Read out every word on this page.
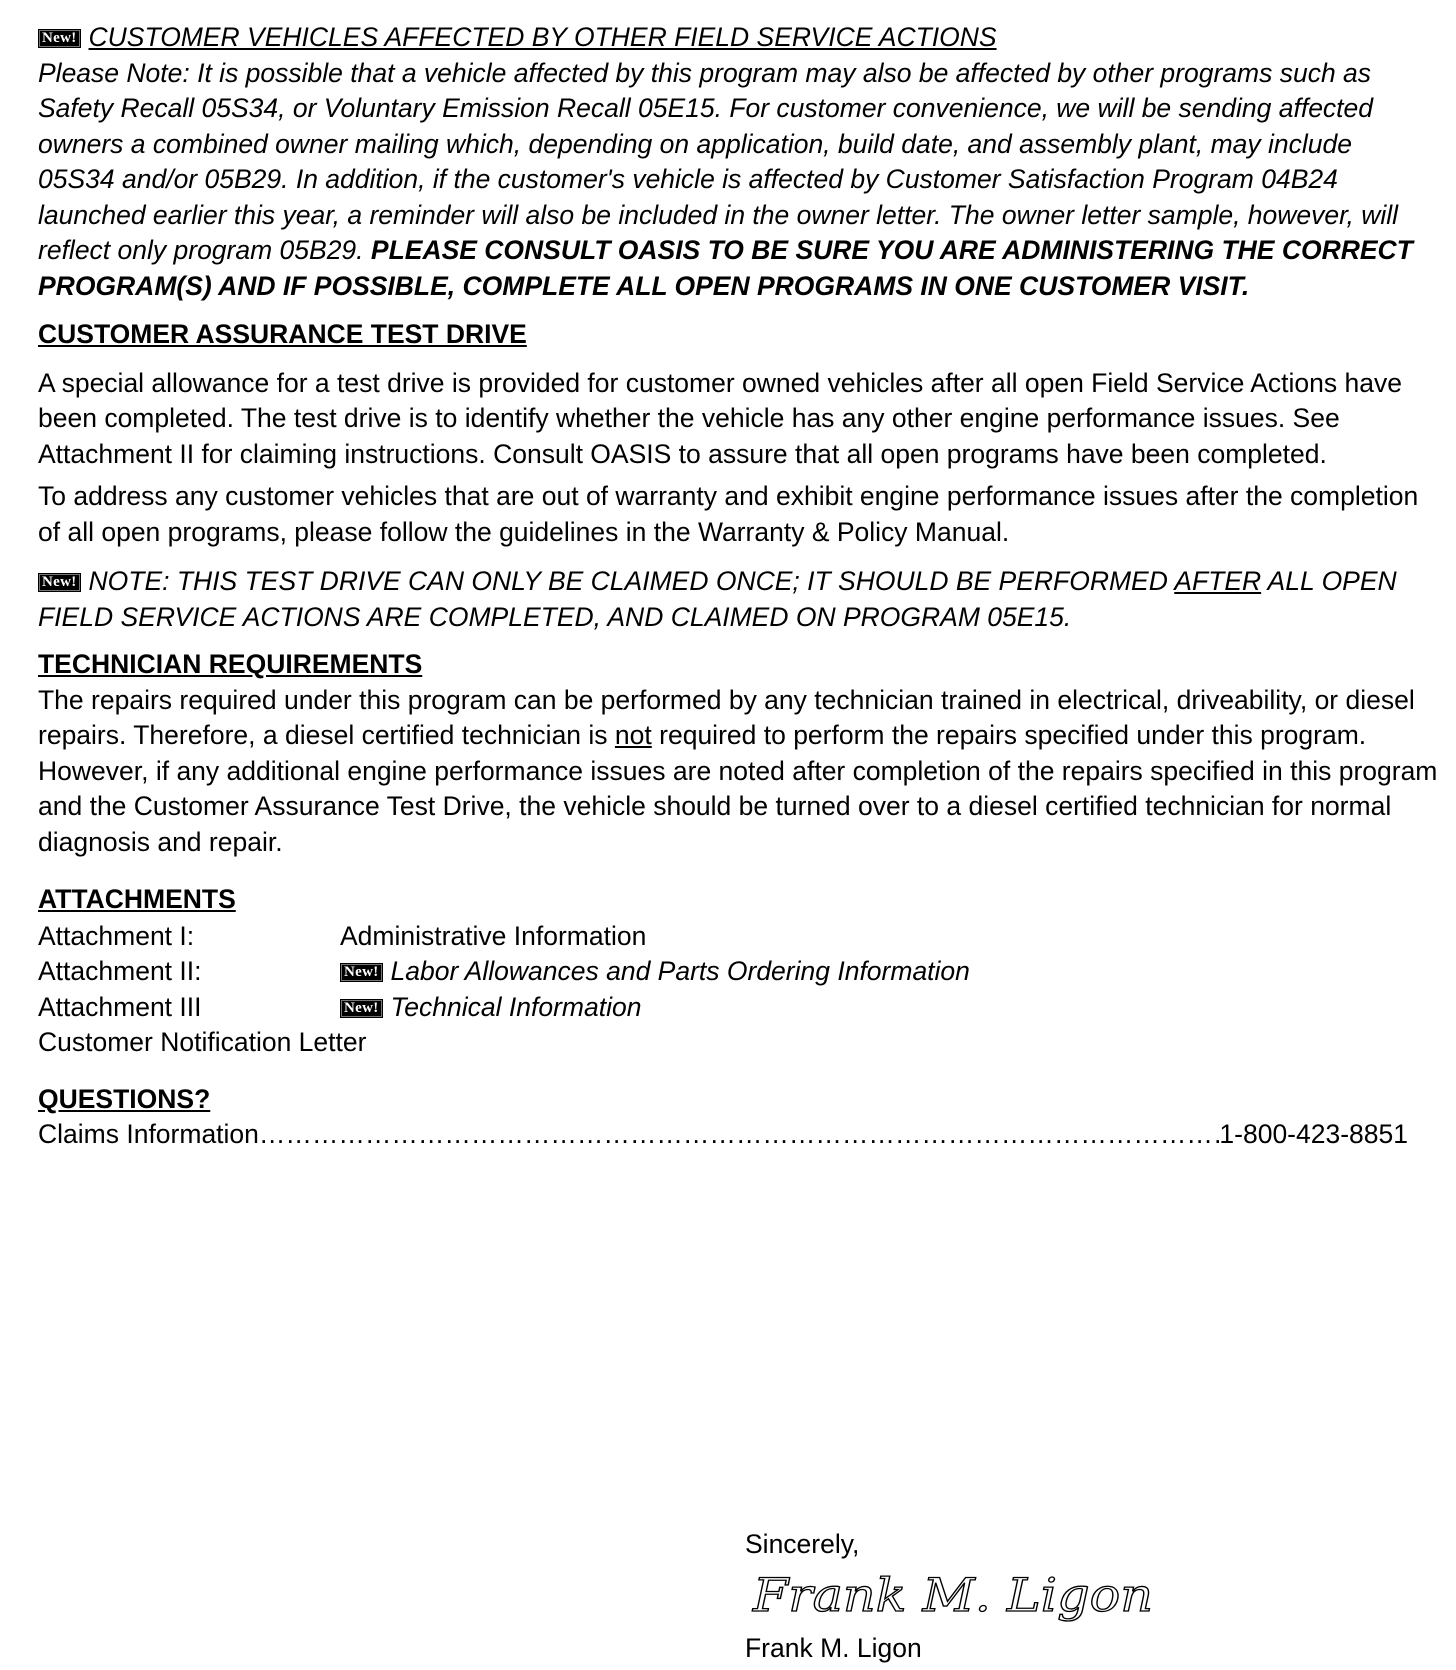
New! CUSTOMER VEHICLES AFFECTED BY OTHER FIELD SERVICE ACTIONS

Please Note: It is possible that a vehicle affected by this program may also be affected by other programs such as Safety Recall 05S34, or Voluntary Emission Recall 05E15. For customer convenience, we will be sending affected owners a combined owner mailing which, depending on application, build date, and assembly plant, may include 05S34 and/or 05B29. In addition, if the customer's vehicle is affected by Customer Satisfaction Program 04B24 launched earlier this year, a reminder will also be included in the owner letter. The owner letter sample, however, will reflect only program 05B29. PLEASE CONSULT OASIS TO BE SURE YOU ARE ADMINISTERING THE CORRECT PROGRAM(S) AND IF POSSIBLE, COMPLETE ALL OPEN PROGRAMS IN ONE CUSTOMER VISIT.

CUSTOMER ASSURANCE TEST DRIVE

A special allowance for a test drive is provided for customer owned vehicles after all open Field Service Actions have been completed. The test drive is to identify whether the vehicle has any other engine performance issues. See Attachment II for claiming instructions. Consult OASIS to assure that all open programs have been completed.

To address any customer vehicles that are out of warranty and exhibit engine performance issues after the completion of all open programs, please follow the guidelines in the Warranty & Policy Manual.

New! NOTE: THIS TEST DRIVE CAN ONLY BE CLAIMED ONCE; IT SHOULD BE PERFORMED AFTER ALL OPEN FIELD SERVICE ACTIONS ARE COMPLETED, AND CLAIMED ON PROGRAM 05E15.

TECHNICIAN REQUIREMENTS

The repairs required under this program can be performed by any technician trained in electrical, driveability, or diesel repairs. Therefore, a diesel certified technician is not required to perform the repairs specified under this program. However, if any additional engine performance issues are noted after completion of the repairs specified in this program and the Customer Assurance Test Drive, the vehicle should be turned over to a diesel certified technician for normal diagnosis and repair.

ATTACHMENTS

Attachment I:	Administrative Information
Attachment II:	New! Labor Allowances and Parts Ordering Information
Attachment III	New! Technical Information
Customer Notification Letter

QUESTIONS?

Claims Information
…………………………………………………………………………………………………………………………………………………………………	1-800-423-8851
Sincerely,
Frank M. Ligon
Frank M. Ligon
